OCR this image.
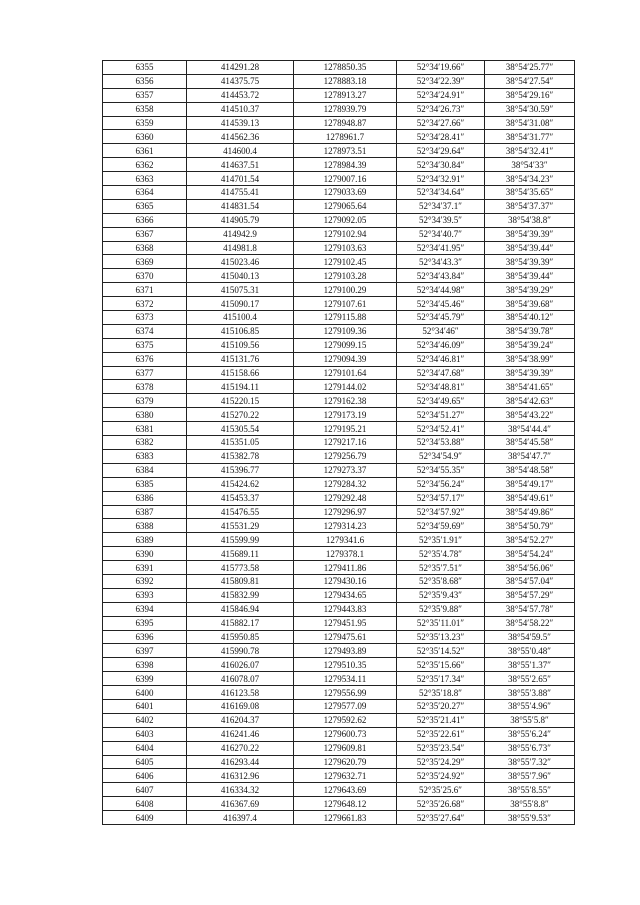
6355	414291.28	1278850.35	52°34′19.66″	38°54′25.77″
6356	414375.75	1278883.18	52°34′22.39″	38°54′27.54″
6357	414453.72	1278913.27	52°34′24.91″	38°54′29.16″
6358	414510.37	1278939.79	52°34′26.73″	38°54′30.59″
6359	414539.13	1278948.87	52°34′27.66″	38°54′31.08″
6360	414562.36	1278961.7	52°34′28.41″	38°54′31.77″
6361	414600.4	1278973.51	52°34′29.64″	38°54′32.41″
6362	414637.51	1278984.39	52°34′30.84″	38°54′33″
6363	414701.54	1279007.16	52°34′32.91″	38°54′34.23″
6364	414755.41	1279033.69	52°34′34.64″	38°54′35.65″
6365	414831.54	1279065.64	52°34′37.1″	38°54′37.37″
6366	414905.79	1279092.05	52°34′39.5″	38°54′38.8″
6367	414942.9	1279102.94	52°34′40.7″	38°54′39.39″
6368	414981.8	1279103.63	52°34′41.95″	38°54′39.44″
6369	415023.46	1279102.45	52°34′43.3″	38°54′39.39″
6370	415040.13	1279103.28	52°34′43.84″	38°54′39.44″
6371	415075.31	1279100.29	52°34′44.98″	38°54′39.29″
6372	415090.17	1279107.61	52°34′45.46″	38°54′39.68″
6373	415100.4	1279115.88	52°34′45.79″	38°54′40.12″
6374	415106.85	1279109.36	52°34′46″	38°54′39.78″
6375	415109.56	1279099.15	52°34′46.09″	38°54′39.24″
6376	415131.76	1279094.39	52°34′46.81″	38°54′38.99″
6377	415158.66	1279101.64	52°34′47.68″	38°54′39.39″
6378	415194.11	1279144.02	52°34′48.81″	38°54′41.65″
6379	415220.15	1279162.38	52°34′49.65″	38°54′42.63″
6380	415270.22	1279173.19	52°34′51.27″	38°54′43.22″
6381	415305.54	1279195.21	52°34′52.41″	38°54′44.4″
6382	415351.05	1279217.16	52°34′53.88″	38°54′45.58″
6383	415382.78	1279256.79	52°34′54.9″	38°54′47.7″
6384	415396.77	1279273.37	52°34′55.35″	38°54′48.58″
6385	415424.62	1279284.32	52°34′56.24″	38°54′49.17″
6386	415453.37	1279292.48	52°34′57.17″	38°54′49.61″
6387	415476.55	1279296.97	52°34′57.92″	38°54′49.86″
6388	415531.29	1279314.23	52°34′59.69″	38°54′50.79″
6389	415599.99	1279341.6	52°35′1.91″	38°54′52.27″
6390	415689.11	1279378.1	52°35′4.78″	38°54′54.24″
6391	415773.58	1279411.86	52°35′7.51″	38°54′56.06″
6392	415809.81	1279430.16	52°35′8.68″	38°54′57.04″
6393	415832.99	1279434.65	52°35′9.43″	38°54′57.29″
6394	415846.94	1279443.83	52°35′9.88″	38°54′57.78″
6395	415882.17	1279451.95	52°35′11.01″	38°54′58.22″
6396	415950.85	1279475.61	52°35′13.23″	38°54′59.5″
6397	415990.78	1279493.89	52°35′14.52″	38°55′0.48″
6398	416026.07	1279510.35	52°35′15.66″	38°55′1.37″
6399	416078.07	1279534.11	52°35′17.34″	38°55′2.65″
6400	416123.58	1279556.99	52°35′18.8″	38°55′3.88″
6401	416169.08	1279577.09	52°35′20.27″	38°55′4.96″
6402	416204.37	1279592.62	52°35′21.41″	38°55′5.8″
6403	416241.46	1279600.73	52°35′22.61″	38°55′6.24″
6404	416270.22	1279609.81	52°35′23.54″	38°55′6.73″
6405	416293.44	1279620.79	52°35′24.29″	38°55′7.32″
6406	416312.96	1279632.71	52°35′24.92″	38°55′7.96″
6407	416334.32	1279643.69	52°35′25.6″	38°55′8.55″
6408	416367.69	1279648.12	52°35′26.68″	38°55′8.8″
6409	416397.4	1279661.83	52°35′27.64″	38°55′9.53″
